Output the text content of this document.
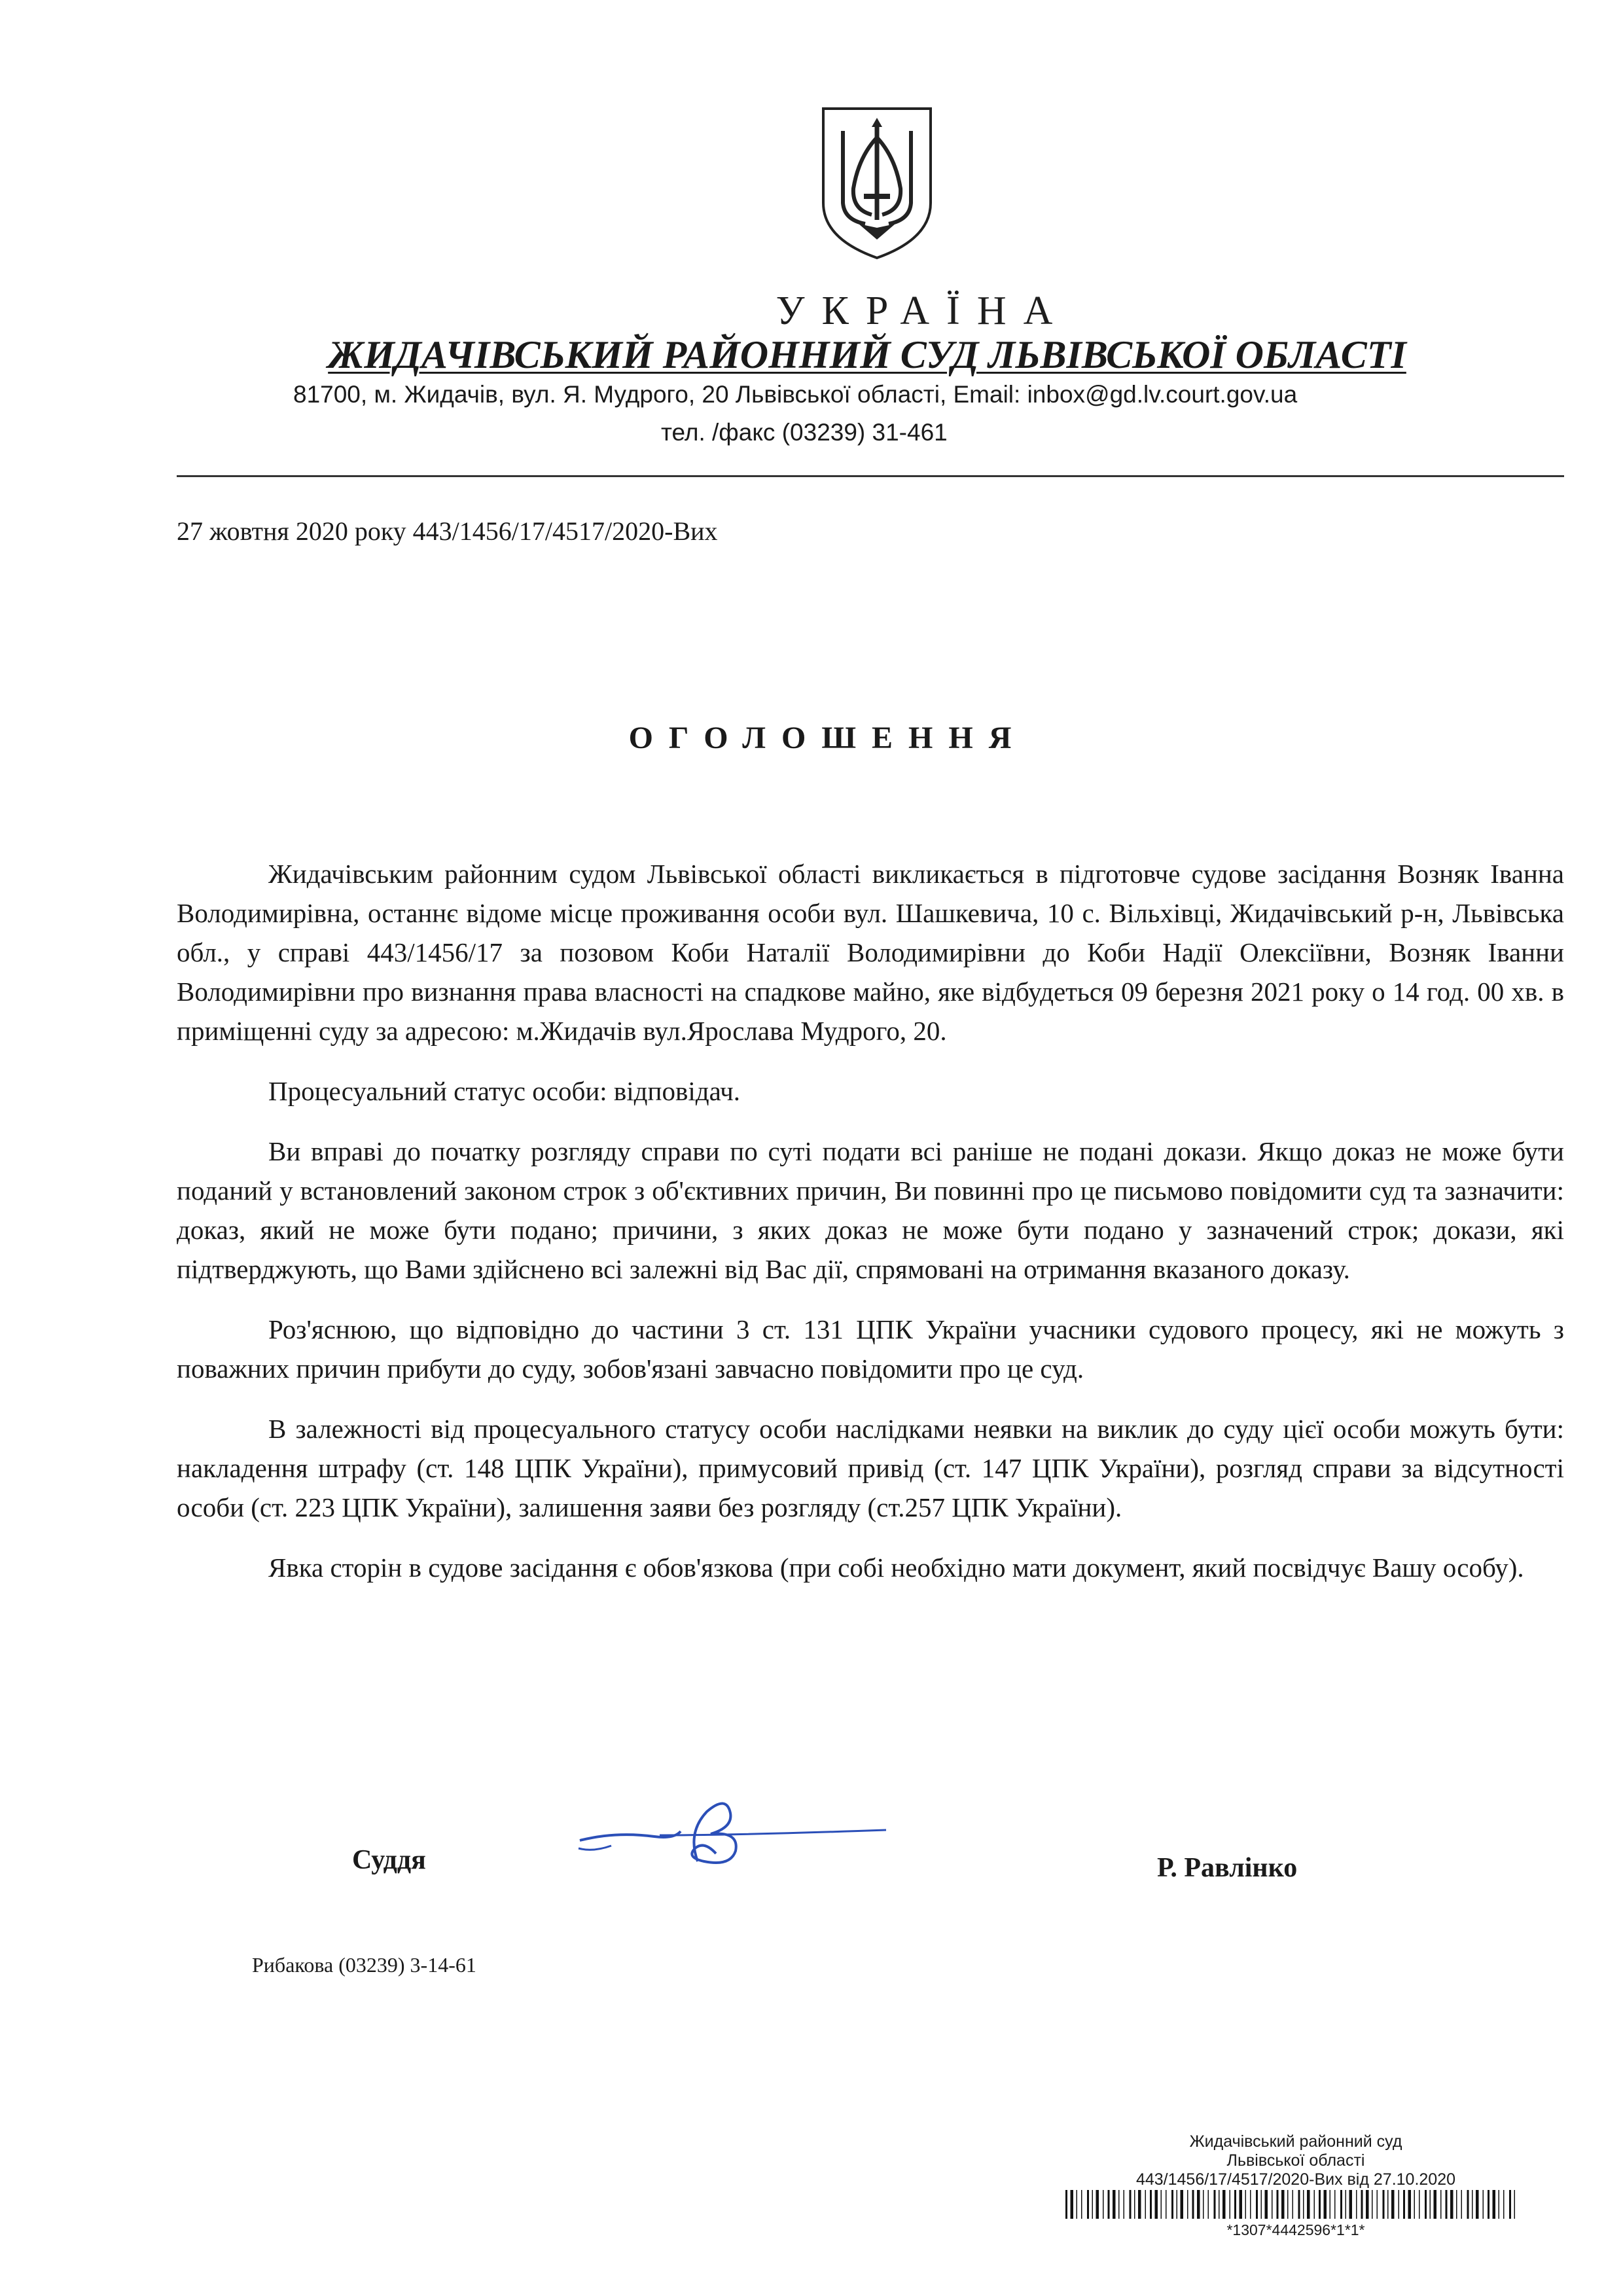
УКРАЇНА
ЖИДАЧІВСЬКИЙ РАЙОННИЙ СУД ЛЬВІВСЬКОЇ ОБЛАСТІ
81700, м. Жидачів, вул. Я. Мудрого, 20 Львівської області, Email: inbox@gd.lv.court.gov.ua
тел. /факс (03239) 31-461
27 жовтня 2020 року 443/1456/17/4517/2020-Вих
ОГОЛОШЕННЯ

Жидачівським районним судом Львівської області викликається в підготовче судове засідання Возняк Іванна Володимирівна, останнє відоме місце проживання особи вул. Шашкевича, 10 с. Вільхівці, Жидачівський р-н, Львівська обл., у справі 443/1456/17 за позовом Коби Наталії Володимирівни до Коби Надії Олексіївни, Возняк Іванни Володимирівни про визнання права власності на спадкове майно, яке відбудеться 09 березня 2021 року о 14 год. 00 хв. в приміщенні суду за адресою: м.Жидачів вул.Ярослава Мудрого, 20.

Процесуальний статус особи: відповідач.

Ви вправі до початку розгляду справи по суті подати всі раніше не подані докази. Якщо доказ не може бути поданий у встановлений законом строк з об'єктивних причин, Ви повинні про це письмово повідомити суд та зазначити: доказ, який не може бути подано; причини, з яких доказ не може бути подано у зазначений строк; докази, які підтверджують, що Вами здійснено всі залежні від Вас дії, спрямовані на отримання вказаного доказу.

Роз'яснюю, що відповідно до частини 3 ст. 131 ЦПК України учасники судового процесу, які не можуть з поважних причин прибути до суду, зобов'язані завчасно повідомити про це суд.

В залежності від процесуального статусу особи наслідками неявки на виклик до суду цієї особи можуть бути: накладення штрафу (ст. 148 ЦПК України), примусовий привід (ст. 147 ЦПК України), розгляд справи за відсутності особи (ст. 223 ЦПК України), залишення заяви без розгляду (ст.257 ЦПК України).

Явка сторін в судове засідання є обов'язкова (при собі необхідно мати документ, який посвідчує Вашу особу).

Суддя	Р. Равлінко
Рибакова (03239) 3-14-61
Жидачівський районний суд
Львівської області
443/1456/17/4517/2020-Вих від 27.10.2020
*1307*4442596*1*1*
